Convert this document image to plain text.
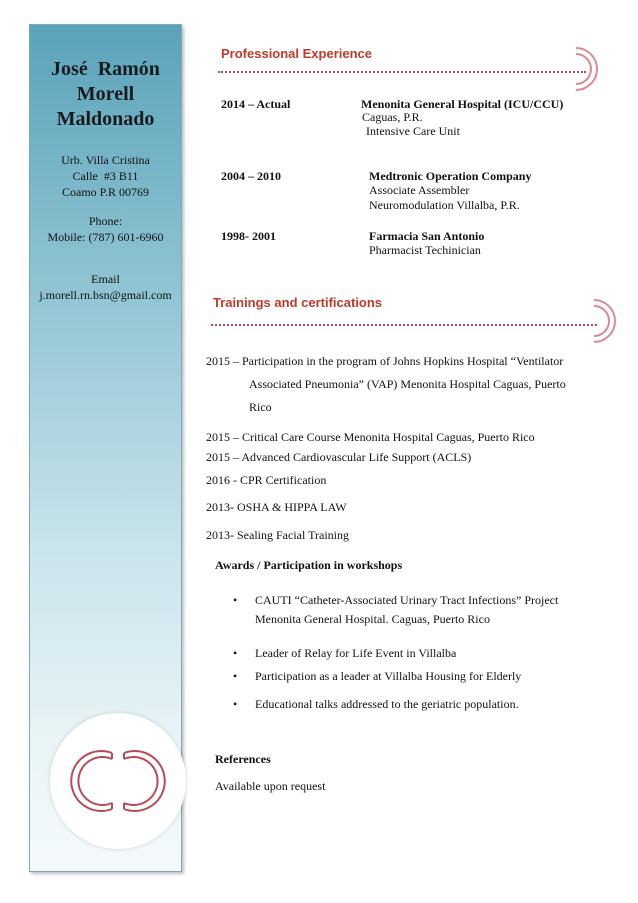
José  Ramón
Morell
Maldonado
Urb. Villa Cristina
Calle  #3 B11
Coamo P.R 00769
Phone:
Mobile: (787) 601-6960
Email
j.morell.rn.bsn@gmail.com
Professional Experience
2014 – Actual	Menonita General Hospital (ICU/CCU)
Caguas, P.R.
Intensive Care Unit
2004 – 2010	Medtronic Operation Company
Associate Assembler
Neuromodulation Villalba, P.R.
1998- 2001	Farmacia San Antonio
Pharmacist Techinician
Trainings and certifications
2015 – Participation in the program of Johns Hopkins Hospital “Ventilator
Associated Pneumonia” (VAP) Menonita Hospital Caguas, Puerto
Rico
2015 – Critical Care Course Menonita Hospital Caguas, Puerto Rico
2015 – Advanced Cardiovascular Life Support (ACLS)
2016 - CPR Certification
2013- OSHA & HIPPA LAW
2013- Sealing Facial Training
Awards / Participation in workshops
• CAUTI “Catheter-Associated Urinary Tract Infections” Project
Menonita General Hospital. Caguas, Puerto Rico
• Leader of Relay for Life Event in Villalba
• Participation as a leader at Villalba Housing for Elderly
• Educational talks addressed to the geriatric population.
References
Available upon request
